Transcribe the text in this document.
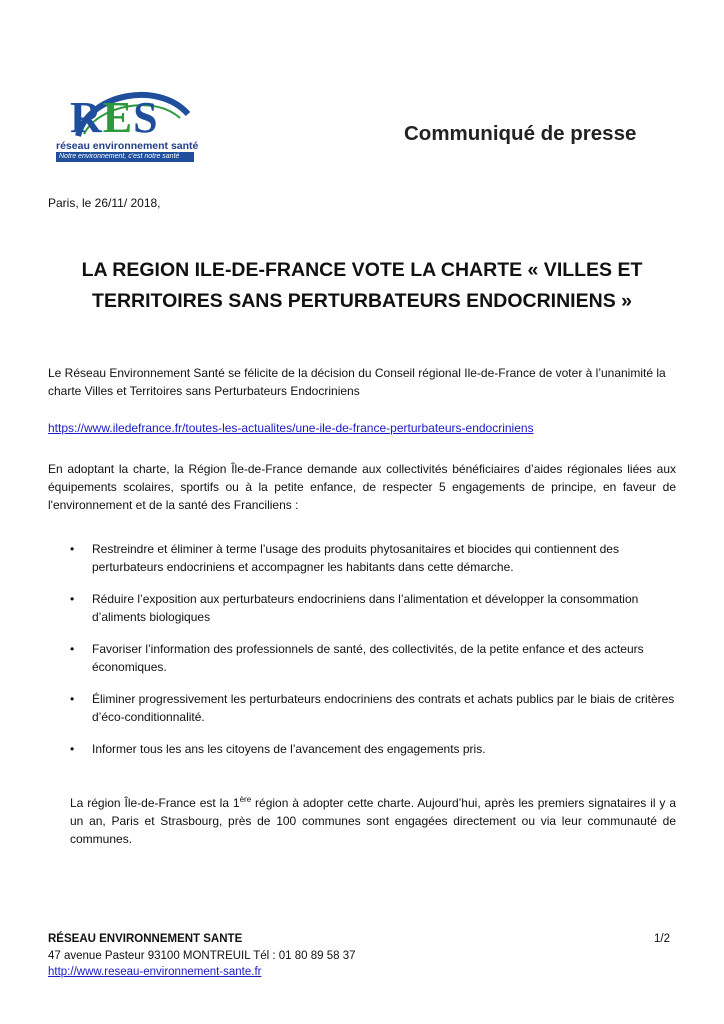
RES
réseau environnement santé
Notre environnement, c'est notre santé
Communiqué de presse
Paris, le 26/11/ 2018,
LA REGION ILE-DE-FRANCE VOTE LA CHARTE « VILLES ET TERRITOIRES SANS PERTURBATEURS ENDOCRINIENS »
Le Réseau Environnement Santé se félicite de la décision du Conseil régional Ile-de-France de voter à l’unanimité la charte Villes et Territoires sans Perturbateurs Endocriniens
https://www.iledefrance.fr/toutes-les-actualites/une-ile-de-france-perturbateurs-endocriniens
En adoptant la charte, la Région Île-de-France demande aux collectivités bénéficiaires d’aides régionales liées aux équipements scolaires, sportifs ou à la petite enfance, de respecter 5 engagements de principe, en faveur de l'environnement et de la santé des Franciliens :
• Restreindre et éliminer à terme l’usage des produits phytosanitaires et biocides qui contiennent des perturbateurs endocriniens et accompagner les habitants dans cette démarche.
• Réduire l’exposition aux perturbateurs endocriniens dans l’alimentation et développer la consommation d’aliments biologiques
• Favoriser l’information des professionnels de santé, des collectivités, de la petite enfance et des acteurs économiques.
• Éliminer progressivement les perturbateurs endocriniens des contrats et achats publics par le biais de critères d’éco-conditionnalité.
• Informer tous les ans les citoyens de l’avancement des engagements pris.
La région Île-de-France est la 1ère région à adopter cette charte. Aujourd’hui, après les premiers signataires il y a un an, Paris et Strasbourg, près de 100 communes sont engagées directement ou via leur communauté de communes.
RÉSEAU ENVIRONNEMENT SANTE	1/2
47 avenue Pasteur 93100 MONTREUIL Tél : 01 80 89 58 37
http://www.reseau-environnement-sante.fr
